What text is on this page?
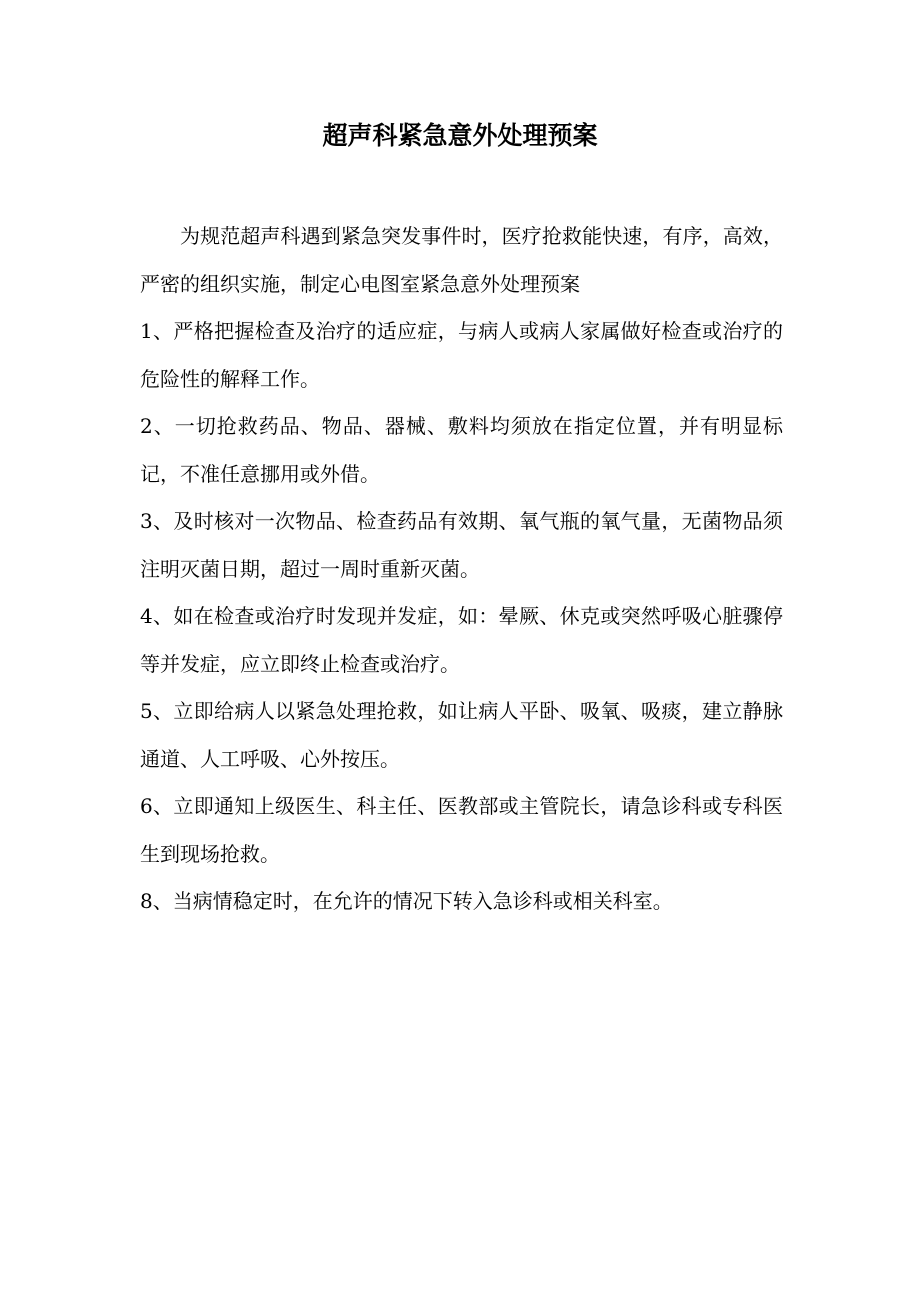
超声科紧急意外处理预案

为规范超声科遇到紧急突发事件时，医疗抢救能快速，有序，高效，严密的组织实施，制定心电图室紧急意外处理预案

1、严格把握检查及治疗的适应症，与病人或病人家属做好检查或治疗的危险性的解释工作。

2、一切抢救药品、物品、器械、敷料均须放在指定位置，并有明显标记，不准任意挪用或外借。

3、及时核对一次物品、检查药品有效期、氧气瓶的氧气量，无菌物品须注明灭菌日期，超过一周时重新灭菌。

4、如在检查或治疗时发现并发症，如：晕厥、休克或突然呼吸心脏骤停等并发症，应立即终止检查或治疗。

5、立即给病人以紧急处理抢救，如让病人平卧、吸氧、吸痰，建立静脉通道、人工呼吸、心外按压。

6、立即通知上级医生、科主任、医教部或主管院长，请急诊科或专科医生到现场抢救。

8、当病情稳定时，在允许的情况下转入急诊科或相关科室。
